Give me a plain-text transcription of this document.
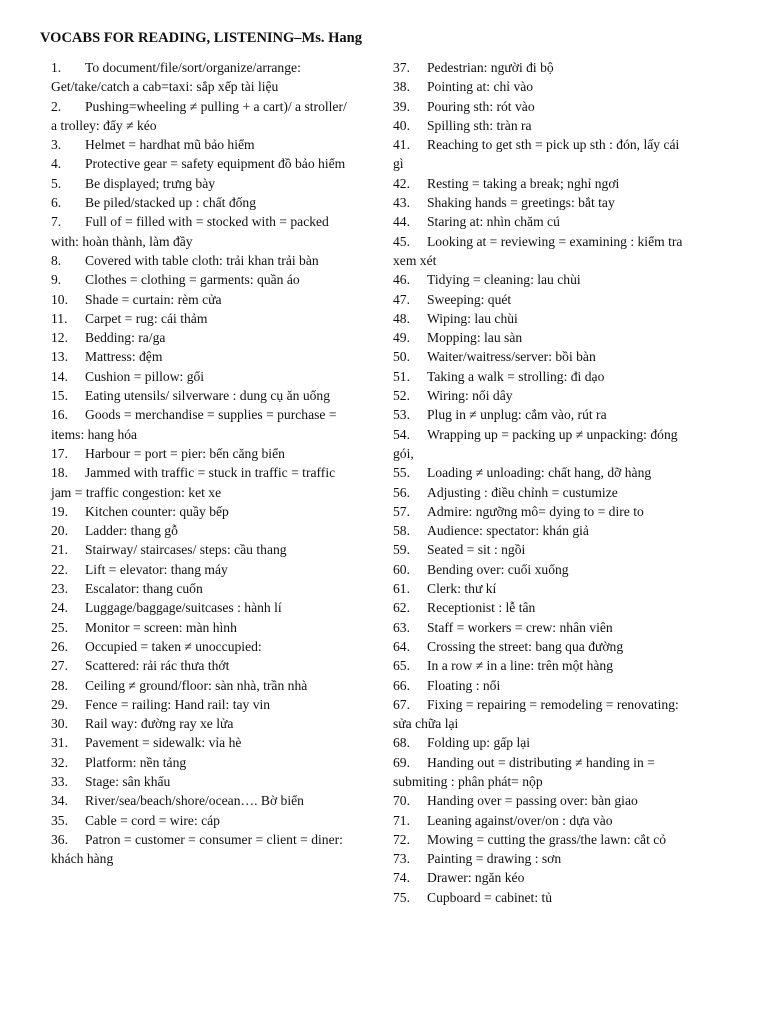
VOCABS FOR READING, LISTENING–Ms. Hang

1. To document/file/sort/organize/arrange: Get/take/catch a cab=taxi: sắp xếp tài liệu

2. Pushing=wheeling ≠ pulling + a cart)/ a stroller/ a trolley: đẩy ≠ kéo

3. Helmet = hardhat mũ bảo hiểm

4. Protective gear = safety equipment đồ bảo hiểm

5. Be displayed; trưng bày

6. Be piled/stacked up : chất đống

7. Full of = filled with = stocked with = packed with: hoàn thành, làm đầy

8. Covered with table cloth: trải khan trải bàn

9. Clothes = clothing = garments: quần áo

10. Shade = curtain: rèm cửa

11. Carpet = rug: cái thảm

12. Bedding: ra/ga

13. Mattress: đệm

14. Cushion = pillow: gối

15. Eating utensils/ silverware : dung cụ ăn uống

16. Goods = merchandise = supplies = purchase = items: hang hóa

17. Harbour = port = pier: bến căng biển

18. Jammed with traffic = stuck in traffic = traffic jam = traffic congestion: ket xe

19. Kitchen counter: quầy bếp

20. Ladder: thang gỗ

21. Stairway/ staircases/ steps: cầu thang

22. Lift = elevator: thang máy

23. Escalator: thang cuốn

24. Luggage/baggage/suitcases : hành lí

25. Monitor = screen: màn hình

26. Occupied = taken ≠ unoccupied:

27. Scattered: rải rác thưa thớt

28. Ceiling ≠ ground/floor: sàn nhà, trần nhà

29. Fence = railing: Hand rail: tay vin

30. Rail way: đường ray xe lửa

31. Pavement = sidewalk: vỉa hè

32. Platform: nền tảng

33. Stage: sân khấu

34. River/sea/beach/shore/ocean…. Bờ biển

35. Cable = cord = wire: cáp

36. Patron = customer = consumer = client = diner: khách hàng

37. Pedestrian: người đi bộ

38. Pointing at: chỉ vào

39. Pouring sth: rót vào

40. Spilling sth: tràn ra

41. Reaching to get sth = pick up sth : đón, lấy cái gì

42. Resting = taking a break; nghỉ ngơi

43. Shaking hands = greetings: bắt tay

44. Staring at: nhìn chăm cú

45. Looking at = reviewing = examining : kiểm tra xem xét

46. Tidying = cleaning: lau chùi

47. Sweeping: quét

48. Wiping: lau chùi

49. Mopping: lau sàn

50. Waiter/waitress/server: bồi bàn

51. Taking a walk = strolling: đi dạo

52. Wiring: nối dây

53. Plug in ≠ unplug: cắm vào, rút ra

54. Wrapping up = packing up ≠ unpacking: đóng gói,

55. Loading ≠ unloading: chất hang, dỡ hàng

56. Adjusting : điều chỉnh = custumize

57. Admire: ngưỡng mô= dying to = dire to

58. Audience: spectator: khán giả

59. Seated = sit : ngồi

60. Bending over: cuối xuống

61. Clerk: thư kí

62. Receptionist : lễ tân

63. Staff = workers = crew: nhân viên

64. Crossing the street: bang qua đường

65. In a row ≠ in a line: trên một hàng

66. Floating : nổi

67. Fixing = repairing = remodeling = renovating: sửa chữa lại

68. Folding up: gấp lại

69. Handing out = distributing ≠ handing in = submiting : phân phát= nộp

70. Handing over = passing over: bàn giao

71. Leaning against/over/on : dựa vào

72. Mowing = cutting the grass/the lawn: cắt cỏ

73. Painting = drawing : sơn

74. Drawer: ngăn kéo

75. Cupboard = cabinet: tủ
